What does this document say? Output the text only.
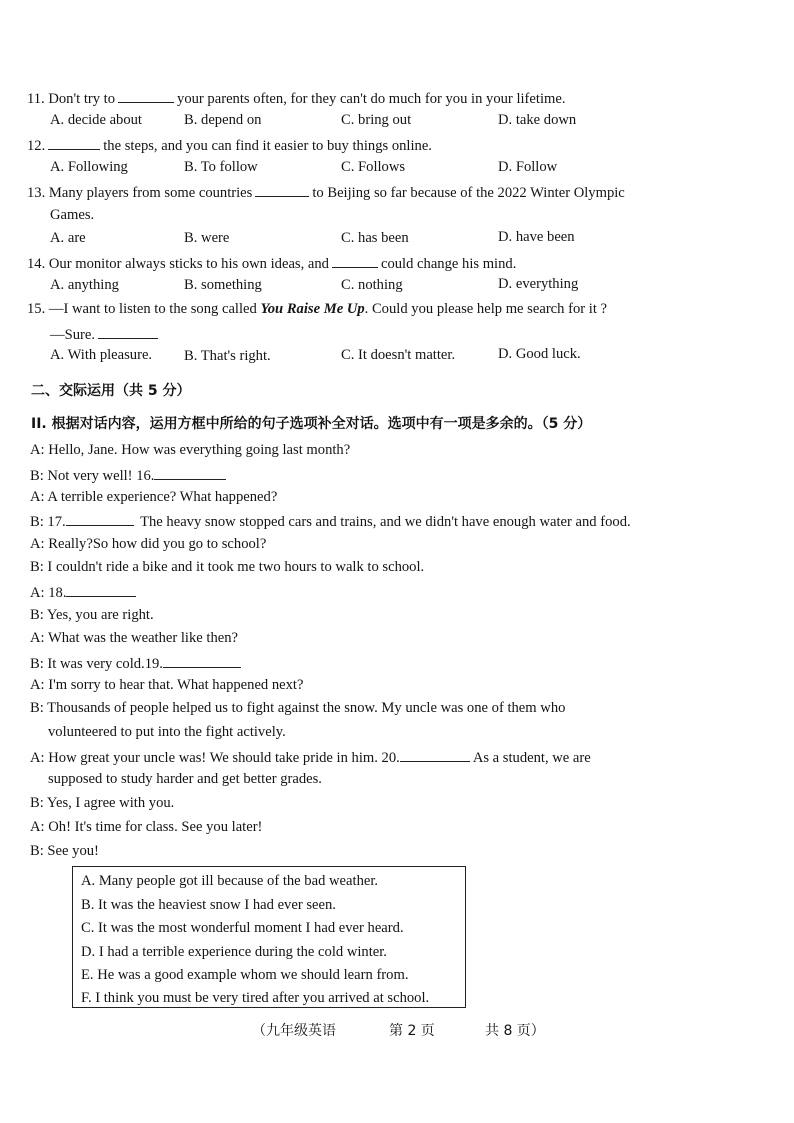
11. Don't try to	your parents often, for they can't do much for you in your lifetime.
A. decide about	B. depend on	C. bring out	D. take down
12.	the steps, and you can find it easier to buy things online.
A. Following	B. To follow	C. Follows	D. Follow
13. Many players from some countries	to Beijing so far because of the 2022 Winter Olympic
Games.
A. are	B. were	C. has been	D. have been
14. Our monitor always sticks to his own ideas, and	could change his mind.
A. anything	B. something	C. nothing	D. everything
15. —I want to listen to the song called You Raise Me Up. Could you please help me search for it ?
—Sure.
A. With pleasure. B. That's right.	C. It doesn't matter.	D. Good luck.
二、交际运用（共 5 分）
II. 根据对话内容，运用方框中所给的句子选项补全对话。选项中有一项是多余的。（5 分）
A: Hello, Jane. How was everything going last month?
B: Not very well! 16.
A: A terrible experience? What happened?
B: 17.	The heavy snow stopped cars and trains, and we didn't have enough water and food.
A: Really?So how did you go to school?
B: I couldn't ride a bike and it took me two hours to walk to school.
A: 18.
B: Yes, you are right.
A: What was the weather like then?
B: It was very cold.19.
A: I'm sorry to hear that. What happened next?
B: Thousands of people helped us to fight against the snow. My uncle was one of them who
volunteered to put into the fight actively.
A: How great your uncle was! We should take pride in him. 20.	As a student, we are
supposed to study harder and get better grades.
B: Yes, I agree with you.
A: Oh! It's time for class. See you later!
B: See you!
A. Many people got ill because of the bad weather.
B. It was the heaviest snow I had ever seen.
C. It was the most wonderful moment I had ever heard.
D. I had a terrible experience during the cold winter.
E. He was a good example whom we should learn from.
F. I think you must be very tired after you arrived at school.
（九年级英语	第 2 页	共 8 页）
